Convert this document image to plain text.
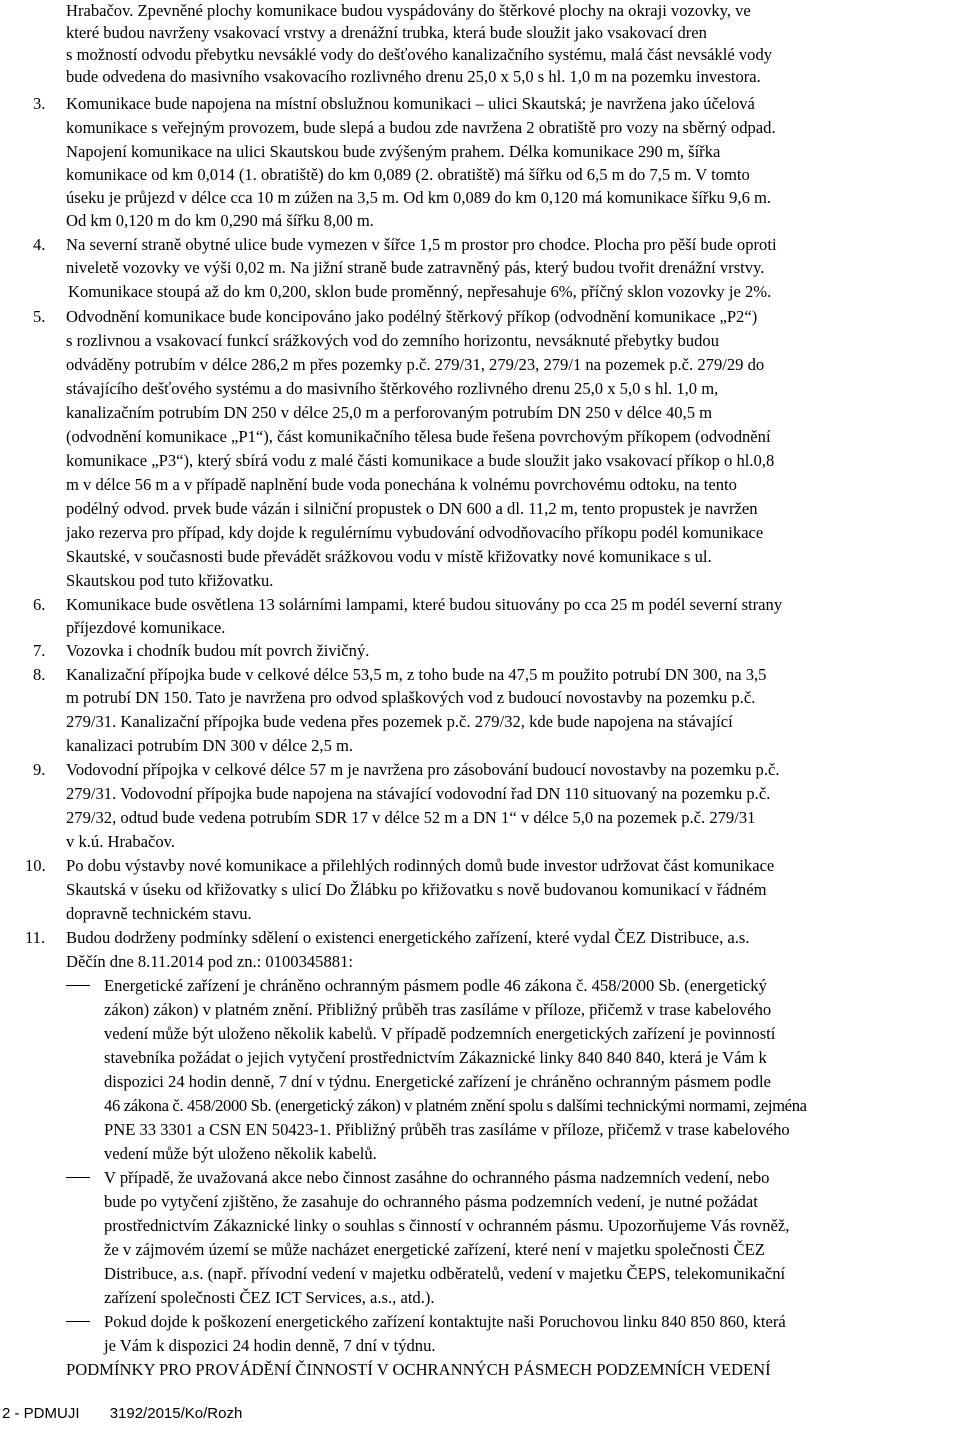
Hrabačov. Zpevněné plochy komunikace budou vyspádovány do štěrkové plochy na okraji vozovky, ve
které budou navrženy vsakovací vrstvy a drenážní trubka, která bude sloužit jako vsakovací dren
s možností odvodu přebytku nevsáklé vody do dešťového kanalizačního systému, malá část nevsáklé vody
bude odvedena do masivního vsakovacího rozlivného drenu 25,0 x 5,0 s hl. 1,0 m na pozemku investora.
3. Komunikace bude napojena na místní obslužnou komunikaci – ulici Skautská; je navržena jako účelová
komunikace s veřejným provozem, bude slepá a budou zde navržena 2 obratiště pro vozy na sběrný odpad.
Napojení komunikace na ulici Skautskou bude zvýšeným prahem. Délka komunikace 290 m, šířka
komunikace od km 0,014 (1. obratiště) do km 0,089 (2. obratiště) má šířku od 6,5 m do 7,5 m. V tomto
úseku je průjezd v délce cca 10 m zúžen na 3,5 m. Od km 0,089 do km 0,120 má komunikace šířku 9,6 m.
Od km 0,120 m do km 0,290 má šířku 8,00 m.
4. Na severní straně obytné ulice bude vymezen v šířce 1,5 m prostor pro chodce. Plocha pro pěší bude oproti
niveletě vozovky ve výši 0,02 m. Na jižní straně bude zatravněný pás, který budou tvořit drenážní vrstvy.
Komunikace stoupá až do km 0,200, sklon bude proměnný, nepřesahuje 6%, příčný sklon vozovky je 2%.
5. Odvodnění komunikace bude koncipováno jako podélný štěrkový příkop (odvodnění komunikace „P2“)
s rozlivnou a vsakovací funkcí srážkových vod do zemního horizontu, nevsáknuté přebytky budou
odváděny potrubím v délce 286,2 m přes pozemky p.č. 279/31, 279/23, 279/1 na pozemek p.č. 279/29 do
stávajícího dešťového systému a do masivního štěrkového rozlivného drenu 25,0 x 5,0 s hl. 1,0 m,
kanalizačním potrubím DN 250 v délce 25,0 m a perforovaným potrubím DN 250 v délce 40,5 m
(odvodnění komunikace „P1“), část komunikačního tělesa bude řešena povrchovým příkopem (odvodnění
komunikace „P3“), který sbírá vodu z malé části komunikace a bude sloužit jako vsakovací příkop o hl.0,8
m v délce 56 m a v případě naplnění bude voda ponechána k volnému povrchovému odtoku, na tento
podélný odvod. prvek bude vázán i silniční propustek o DN 600 a dl. 11,2 m, tento propustek je navržen
jako rezerva pro případ, kdy dojde k regulérnímu vybudování odvodňovacího příkopu podél komunikace
Skautské, v současnosti bude převádět srážkovou vodu v místě křižovatky nové komunikace s ul.
Skautskou pod tuto křižovatku.
6. Komunikace bude osvětlena 13 solárními lampami, které budou situovány po cca 25 m podél severní strany
příjezdové komunikace.
7. Vozovka i chodník budou mít povrch živičný.
8. Kanalizační přípojka bude v celkové délce 53,5 m, z toho bude na 47,5 m použito potrubí DN 300, na 3,5
m potrubí DN 150. Tato je navržena pro odvod splaškových vod z budoucí novostavby na pozemku p.č.
279/31. Kanalizační přípojka bude vedena přes pozemek p.č. 279/32, kde bude napojena na stávající
kanalizaci potrubím DN 300 v délce 2,5 m.
9. Vodovodní přípojka v celkové délce 57 m je navržena pro zásobování budoucí novostavby na pozemku p.č.
279/31. Vodovodní přípojka bude napojena na stávající vodovodní řad DN 110 situovaný na pozemku p.č.
279/32, odtud bude vedena potrubím SDR 17 v délce 52 m a DN 1“ v délce 5,0 na pozemek p.č. 279/31
v k.ú. Hrabačov.
10. Po dobu výstavby nové komunikace a přilehlých rodinných domů bude investor udržovat část komunikace
Skautská v úseku od křižovatky s ulicí Do Žlábku po křižovatku s nově budovanou komunikací v řádném
dopravně technickém stavu.
11. Budou dodrženy podmínky sdělení o existenci energetického zařízení, které vydal ČEZ Distribuce, a.s.
Děčín dne 8.11.2014 pod zn.: 0100345881:
Energetické zařízení je chráněno ochranným pásmem podle 46 zákona č. 458/2000 Sb. (energetický
zákon) zákon) v platném znění. Přibližný průběh tras zasíláme v příloze, přičemž v trase kabelového
vedení může být uloženo několik kabelů. V případě podzemních energetických zařízení je povinností
stavebníka požádat o jejich vytyčení prostřednictvím Zákaznické linky 840 840 840, která je Vám k
dispozici 24 hodin denně, 7 dní v týdnu. Energetické zařízení je chráněno ochranným pásmem podle
46 zákona č. 458/2000 Sb. (energetický zákon) v platném znění spolu s dalšími technickými normami, zejména
PNE 33 3301 a CSN EN 50423-1. Přibližný průběh tras zasíláme v příloze, přičemž v trase kabelového
vedení může být uloženo několik kabelů.
V případě, že uvažovaná akce nebo činnost zasáhne do ochranného pásma nadzemních vedení, nebo
bude po vytyčení zjištěno, že zasahuje do ochranného pásma podzemních vedení, je nutné požádat
prostřednictvím Zákaznické linky o souhlas s činností v ochranném pásmu. Upozorňujeme Vás rovněž,
že v zájmovém území se může nacházet energetické zařízení, které není v majetku společnosti ČEZ
Distribuce, a.s. (např. přívodní vedení v majetku odběratelů, vedení v majetku ČEPS, telekomunikační
zařízení společnosti ČEZ ICT Services, a.s., atd.).
Pokud dojde k poškození energetického zařízení kontaktujte naši Poruchovou linku 840 850 860, která
je Vám k dispozici 24 hodin denně, 7 dní v týdnu.
PODMÍNKY PRO PROVÁDĚNÍ ČINNOSTÍ V OCHRANNÝCH PÁSMECH PODZEMNÍCH VEDENÍ
2 - PDMUJI 3192/2015/Ko/Rozh
